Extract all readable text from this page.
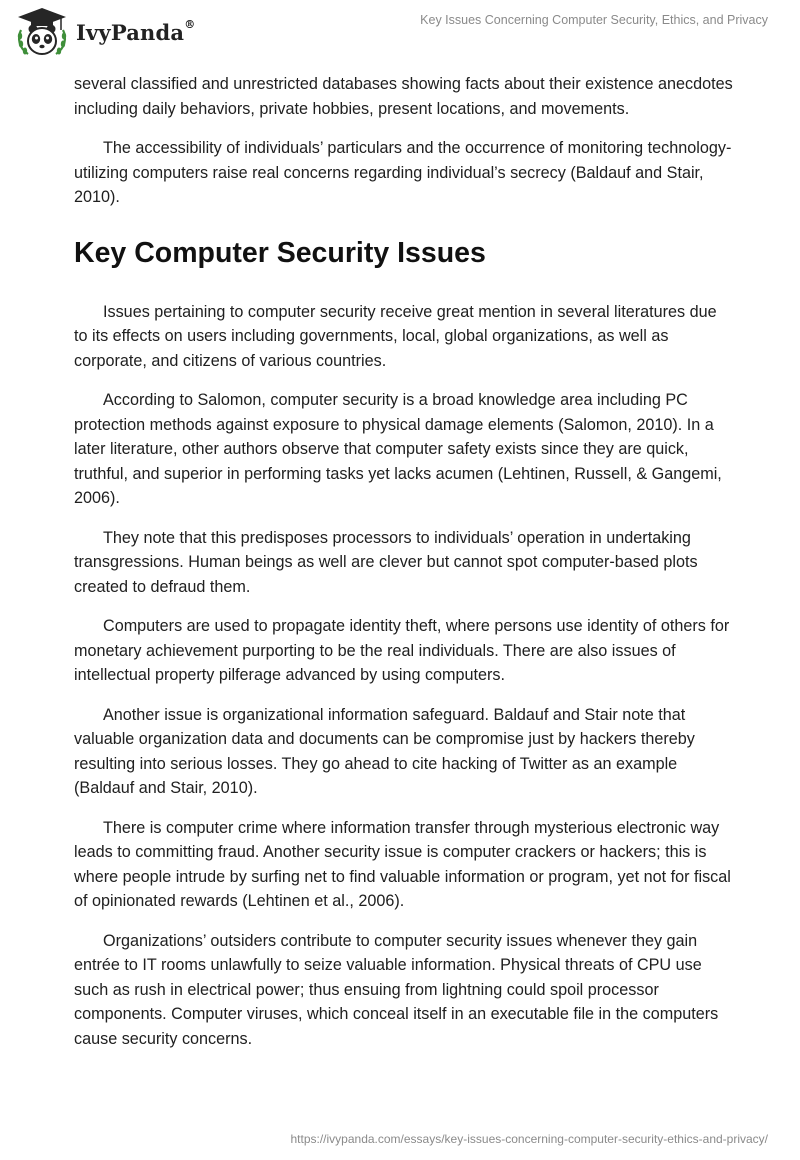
IvyPanda®	Key Issues Concerning Computer Security, Ethics, and Privacy

several classified and unrestricted databases showing facts about their existence anecdotes including daily behaviors, private hobbies, present locations, and movements.

The accessibility of individuals’ particulars and the occurrence of monitoring technology-utilizing computers raise real concerns regarding individual’s secrecy (Baldauf and Stair, 2010).

Key Computer Security Issues

Issues pertaining to computer security receive great mention in several literatures due to its effects on users including governments, local, global organizations, as well as corporate, and citizens of various countries.

According to Salomon, computer security is a broad knowledge area including PC protection methods against exposure to physical damage elements (Salomon, 2010). In a later literature, other authors observe that computer safety exists since they are quick, truthful, and superior in performing tasks yet lacks acumen (Lehtinen, Russell, & Gangemi, 2006).

They note that this predisposes processors to individuals’ operation in undertaking transgressions. Human beings as well are clever but cannot spot computer-based plots created to defraud them.

Computers are used to propagate identity theft, where persons use identity of others for monetary achievement purporting to be the real individuals. There are also issues of intellectual property pilferage advanced by using computers.

Another issue is organizational information safeguard. Baldauf and Stair note that valuable organization data and documents can be compromise just by hackers thereby resulting into serious losses. They go ahead to cite hacking of Twitter as an example (Baldauf and Stair, 2010).

There is computer crime where information transfer through mysterious electronic way leads to committing fraud. Another security issue is computer crackers or hackers; this is where people intrude by surfing net to find valuable information or program, yet not for fiscal of opinionated rewards (Lehtinen et al., 2006).

Organizations’ outsiders contribute to computer security issues whenever they gain entrée to IT rooms unlawfully to seize valuable information. Physical threats of CPU use such as rush in electrical power; thus ensuing from lightning could spoil processor components. Computer viruses, which conceal itself in an executable file in the computers cause security concerns.

https://ivypanda.com/essays/key-issues-concerning-computer-security-ethics-and-privacy/
